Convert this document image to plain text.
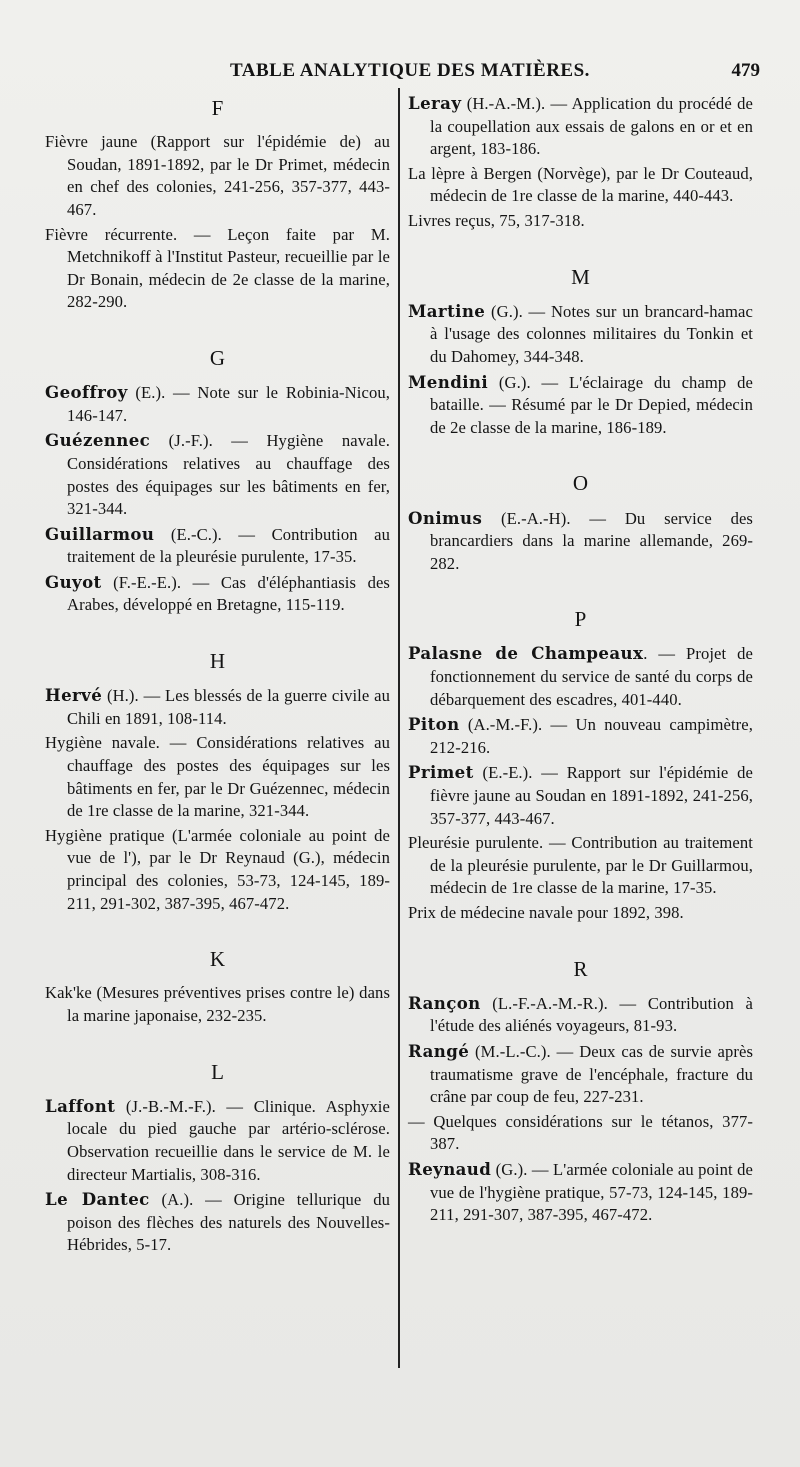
TABLE ANALYTIQUE DES MATIÈRES.	479
F
Fièvre jaune (Rapport sur l'épidémie de) au Soudan, 1891-1892, par le Dr Primet, médecin en chef des colonies, 241-256, 357-377, 443-467.
Fièvre récurrente. — Leçon faite par M. Metchnikoff à l'Institut Pasteur, recueillie par le Dr Bonain, médecin de 2e classe de la marine, 282-290.
G
Geoffroy (E.). — Note sur le Robinia-Nicou, 146-147.
Guézennec (J.-F.). — Hygiène navale. Considérations relatives au chauffage des postes des équipages sur les bâtiments en fer, 321-344.
Guillarmou (E.-C.). — Contribution au traitement de la pleurésie purulente, 17-35.
Guyot (F.-E.-E.). — Cas d'éléphantiasis des Arabes, développé en Bretagne, 115-119.
H
Hervé (H.). — Les blessés de la guerre civile au Chili en 1891, 108-114.
Hygiène navale. — Considérations relatives au chauffage des postes des équipages sur les bâtiments en fer, par le Dr Guézennec, médecin de 1re classe de la marine, 321-344.
Hygiène pratique (L'armée coloniale au point de vue de l'), par le Dr Reynaud (G.), médecin principal des colonies, 53-73, 124-145, 189-211, 291-302, 387-395, 467-472.
K
Kak'ke (Mesures préventives prises contre le) dans la marine japonaise, 232-235.
L
Laffont (J.-B.-M.-F.). — Clinique. Asphyxie locale du pied gauche par artério-sclérose. Observation recueillie dans le service de M. le directeur Martialis, 308-316.
Le Dantec (A.). — Origine tellurique du poison des flèches des naturels des Nouvelles-Hébrides, 5-17.
Leray (H.-A.-M.). — Application du procédé de la coupellation aux essais de galons en or et en argent, 183-186.
La lèpre à Bergen (Norvège), par le Dr Couteaud, médecin de 1re classe de la marine, 440-443.
Livres reçus, 75, 317-318.
M
Martine (G.). — Notes sur un brancard-hamac à l'usage des colonnes militaires du Tonkin et du Dahomey, 344-348.
Mendini (G.). — L'éclairage du champ de bataille. — Résumé par le Dr Depied, médecin de 2e classe de la marine, 186-189.
O
Onimus (E.-A.-H). — Du service des brancardiers dans la marine allemande, 269-282.
P
Palasne de Champeaux. — Projet de fonctionnement du service de santé du corps de débarquement des escadres, 401-440.
Piton (A.-M.-F.). — Un nouveau campimètre, 212-216.
Primet (E.-E.). — Rapport sur l'épidémie de fièvre jaune au Soudan en 1891-1892, 241-256, 357-377, 443-467.
Pleurésie purulente. — Contribution au traitement de la pleurésie purulente, par le Dr Guillarmou, médecin de 1re classe de la marine, 17-35.
Prix de médecine navale pour 1892, 398.
R
Rançon (L.-F.-A.-M.-R.). — Contribution à l'étude des aliénés voyageurs, 81-93.
Rangé (M.-L.-C.). — Deux cas de survie après traumatisme grave de l'encéphale, fracture du crâne par coup de feu, 227-231.
— Quelques considérations sur le tétanos, 377-387.
Reynaud (G.). — L'armée coloniale au point de vue de l'hygiène pratique, 57-73, 124-145, 189-211, 291-307, 387-395, 467-472.
